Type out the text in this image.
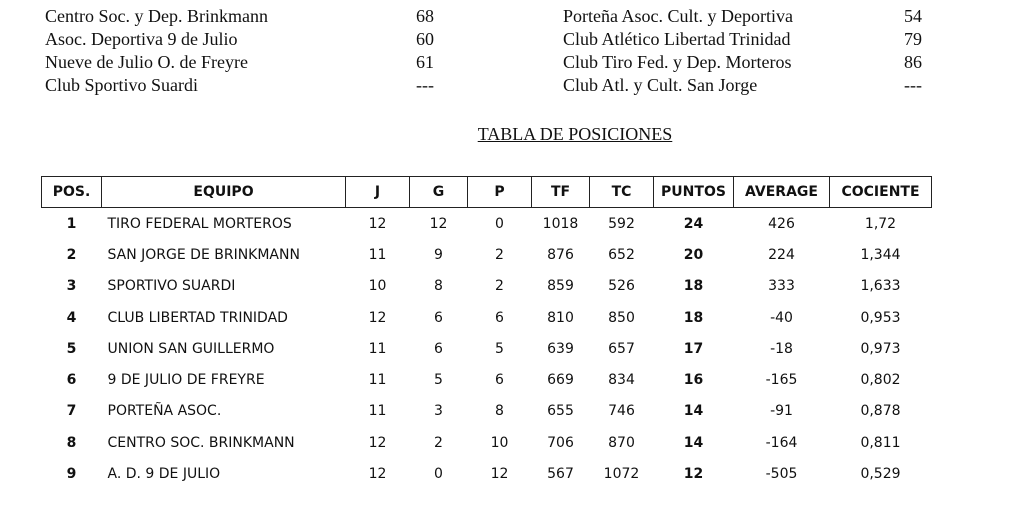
Centro Soc. y Dep. Brinkmann	68	Porteña Asoc. Cult. y Deportiva	54
Asoc. Deportiva 9 de Julio	60	Club Atlético Libertad Trinidad	79
Nueve de Julio O. de Freyre	61	Club Tiro Fed. y Dep. Morteros	86
Club Sportivo Suardi	---	Club Atl. y Cult. San Jorge	---
TABLA DE POSICIONES
POS.	EQUIPO	J	G	P	TF	TC	PUNTOS	AVERAGE	COCIENTE
1	TIRO FEDERAL MORTEROS	12	12	0	1018	592	24	426	1,72
2	SAN JORGE DE BRINKMANN	11	9	2	876	652	20	224	1,344
3	SPORTIVO SUARDI	10	8	2	859	526	18	333	1,633
4	CLUB LIBERTAD TRINIDAD	12	6	6	810	850	18	-40	0,953
5	UNION SAN GUILLERMO	11	6	5	639	657	17	-18	0,973
6	9 DE JULIO DE FREYRE	11	5	6	669	834	16	-165	0,802
7	PORTEÑA ASOC.	11	3	8	655	746	14	-91	0,878
8	CENTRO SOC. BRINKMANN	12	2	10	706	870	14	-164	0,811
9	A. D. 9 DE JULIO	12	0	12	567	1072	12	-505	0,529
